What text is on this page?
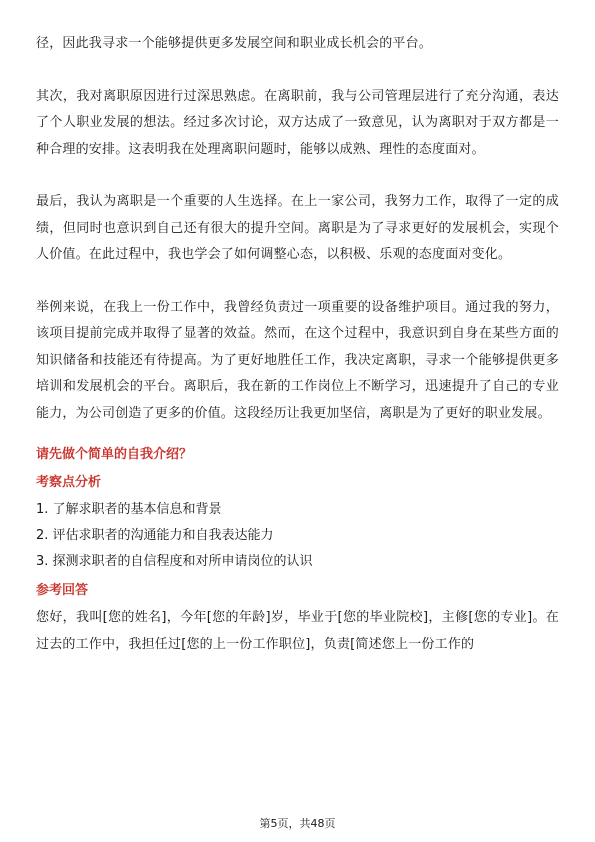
径，因此我寻求一个能够提供更多发展空间和职业成长机会的平台。

其次，我对离职原因进行过深思熟虑。在离职前，我与公司管理层进行了充分沟通，表达了个人职业发展的想法。经过多次讨论，双方达成了一致意见，认为离职对于双方都是一种合理的安排。这表明我在处理离职问题时，能够以成熟、理性的态度面对。

最后，我认为离职是一个重要的人生选择。在上一家公司，我努力工作，取得了一定的成绩，但同时也意识到自己还有很大的提升空间。离职是为了寻求更好的发展机会，实现个人价值。在此过程中，我也学会了如何调整心态，以积极、乐观的态度面对变化。

举例来说，在我上一份工作中，我曾经负责过一项重要的设备维护项目。通过我的努力，该项目提前完成并取得了显著的效益。然而，在这个过程中，我意识到自身在某些方面的知识储备和技能还有待提高。为了更好地胜任工作，我决定离职，寻求一个能够提供更多培训和发展机会的平台。离职后，我在新的工作岗位上不断学习，迅速提升了自己的专业能力，为公司创造了更多的价值。这段经历让我更加坚信，离职是为了更好的职业发展。

请先做个简单的自我介绍？
考察点分析

1. 了解求职者的基本信息和背景

2. 评估求职者的沟通能力和自我表达能力

3. 探测求职者的自信程度和对所申请岗位的认识

参考回答

您好，我叫[您的姓名]，今年[您的年龄]岁，毕业于[您的毕业院校]，主修[您的专业]。在过去的工作中，我担任过[您的上一份工作职位]，负责[简述您上一份工作的

第5页，共48页
